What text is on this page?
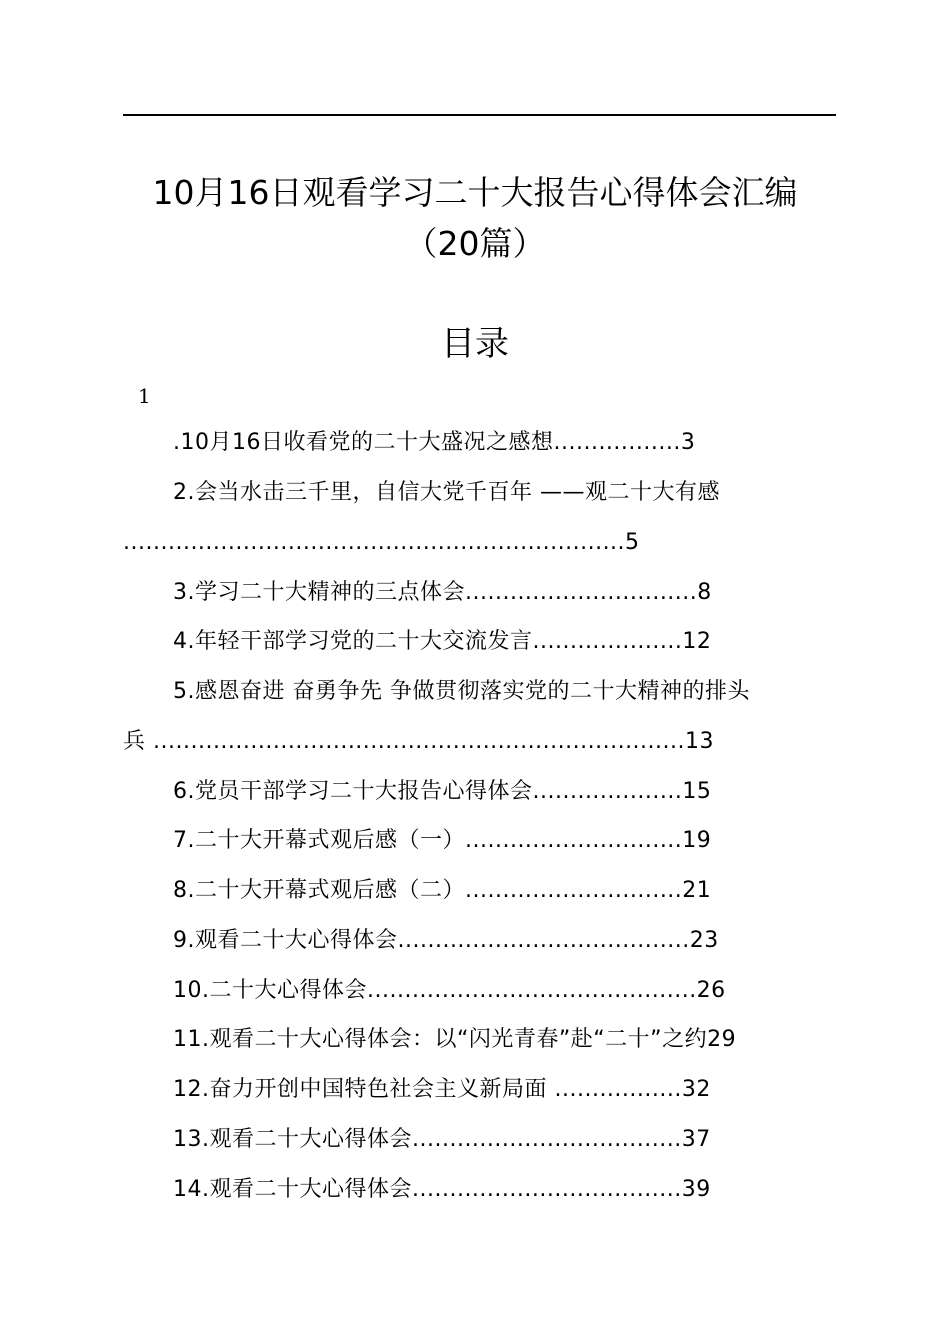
10月16日观看学习二十大报告心得体会汇编
（20篇）
目录
1
.10月16日收看党的二十大盛况之感想.................3
2.会当水击三千里，自信大党千百年 ——观二十大有感
...................................................................5
3.学习二十大精神的三点体会...............................8
4.年轻干部学习党的二十大交流发言....................12
5.感恩奋进 奋勇争先 争做贯彻落实党的二十大精神的排头
兵 .......................................................................13
6.党员干部学习二十大报告心得体会....................15
7.二十大开幕式观后感（一）.............................19
8.二十大开幕式观后感（二）.............................21
9.观看二十大心得体会.......................................23
10.二十大心得体会............................................26
11.观看二十大心得体会：以“闪光青春”赴“二十”之约29
12.奋力开创中国特色社会主义新局面 .................32
13.观看二十大心得体会....................................37
14.观看二十大心得体会....................................39
